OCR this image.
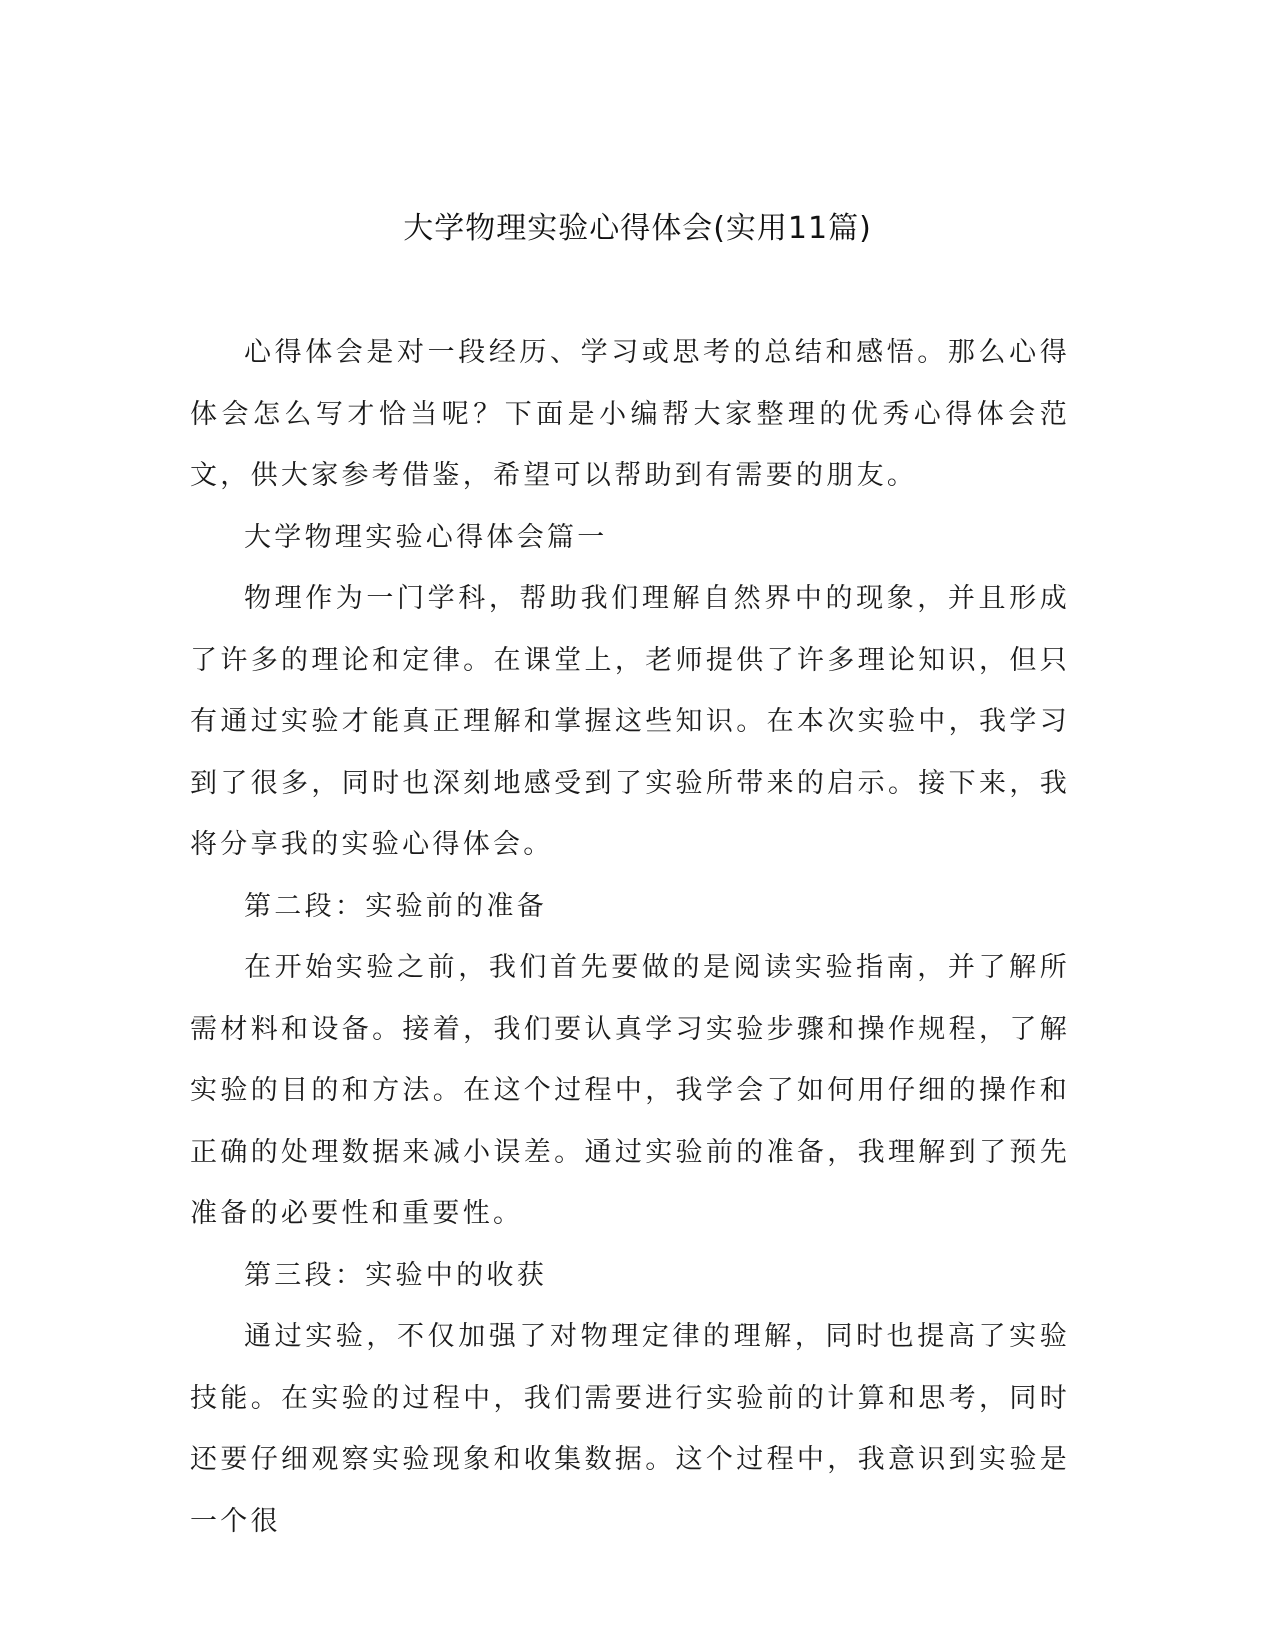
大学物理实验心得体会(实用11篇)

心得体会是对一段经历、学习或思考的总结和感悟。那么心得体会怎么写才恰当呢？下面是小编帮大家整理的优秀心得体会范文，供大家参考借鉴，希望可以帮助到有需要的朋友。

大学物理实验心得体会篇一

物理作为一门学科，帮助我们理解自然界中的现象，并且形成了许多的理论和定律。在课堂上，老师提供了许多理论知识，但只有通过实验才能真正理解和掌握这些知识。在本次实验中，我学习到了很多，同时也深刻地感受到了实验所带来的启示。接下来，我将分享我的实验心得体会。

第二段：实验前的准备

在开始实验之前，我们首先要做的是阅读实验指南，并了解所需材料和设备。接着，我们要认真学习实验步骤和操作规程，了解实验的目的和方法。在这个过程中，我学会了如何用仔细的操作和正确的处理数据来减小误差。通过实验前的准备，我理解到了预先准备的必要性和重要性。

第三段：实验中的收获

通过实验，不仅加强了对物理定律的理解，同时也提高了实验技能。在实验的过程中，我们需要进行实验前的计算和思考，同时还要仔细观察实验现象和收集数据。这个过程中，我意识到实验是一个很
